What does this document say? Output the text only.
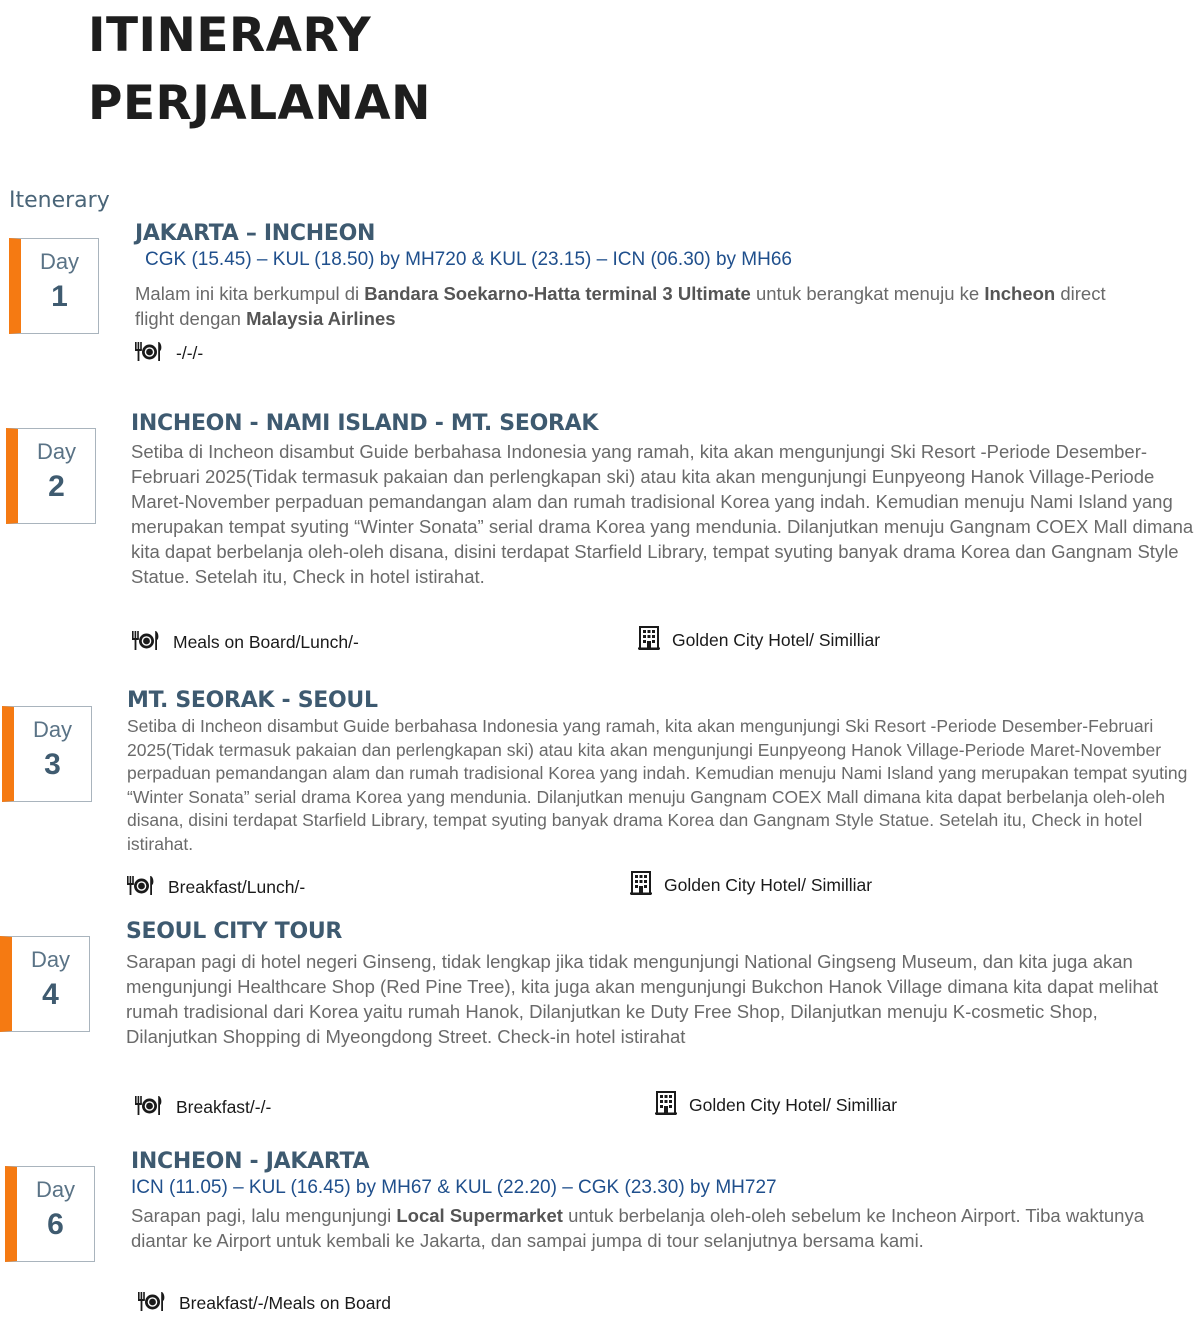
ITINERARY
PERJALANAN
Itenerary
Day
1
JAKARTA – INCHEON
CGK (15.45) – KUL (18.50) by MH720 & KUL (23.15) – ICN (06.30) by MH66

Malam ini kita berkumpul di Bandara Soekarno-Hatta terminal 3 Ultimate untuk berangkat menuju ke Incheon direct flight dengan Malaysia Airlines

-/-/-
Day
2
INCHEON - NAMI ISLAND - MT. SEORAK

Setiba di Incheon disambut Guide berbahasa Indonesia yang ramah, kita akan mengunjungi Ski Resort -Periode Desember-Februari 2025(Tidak termasuk pakaian dan perlengkapan ski) atau kita akan mengunjungi Eunpyeong Hanok Village-Periode Maret-November perpaduan pemandangan alam dan rumah tradisional Korea yang indah. Kemudian menuju Nami Island yang merupakan tempat syuting “Winter Sonata” serial drama Korea yang mendunia. Dilanjutkan menuju Gangnam COEX Mall dimana kita dapat berbelanja oleh-oleh disana, disini terdapat Starfield Library, tempat syuting banyak drama Korea dan Gangnam Style Statue. Setelah itu, Check in hotel istirahat.

Meals on Board/Lunch/-	Golden City Hotel/ Similliar
Day
3
MT. SEORAK - SEOUL

Setiba di Incheon disambut Guide berbahasa Indonesia yang ramah, kita akan mengunjungi Ski Resort -Periode Desember-Februari 2025(Tidak termasuk pakaian dan perlengkapan ski) atau kita akan mengunjungi Eunpyeong Hanok Village-Periode Maret-November perpaduan pemandangan alam dan rumah tradisional Korea yang indah. Kemudian menuju Nami Island yang merupakan tempat syuting “Winter Sonata” serial drama Korea yang mendunia. Dilanjutkan menuju Gangnam COEX Mall dimana kita dapat berbelanja oleh-oleh disana, disini terdapat Starfield Library, tempat syuting banyak drama Korea dan Gangnam Style Statue. Setelah itu, Check in hotel istirahat.

Breakfast/Lunch/-	Golden City Hotel/ Similliar
Day
4
SEOUL CITY TOUR

Sarapan pagi di hotel negeri Ginseng, tidak lengkap jika tidak mengunjungi National Gingseng Museum, dan kita juga akan mengunjungi Healthcare Shop (Red Pine Tree), kita juga akan mengunjungi Bukchon Hanok Village dimana kita dapat melihat rumah tradisional dari Korea yaitu rumah Hanok, Dilanjutkan ke Duty Free Shop, Dilanjutkan menuju K-cosmetic Shop, Dilanjutkan Shopping di Myeongdong Street. Check-in hotel istirahat

Breakfast/-/-	Golden City Hotel/ Similliar
Day
6
INCHEON - JAKARTA
ICN (11.05) – KUL (16.45) by MH67 & KUL (22.20) – CGK (23.30) by MH727

Sarapan pagi, lalu mengunjungi Local Supermarket untuk berbelanja oleh-oleh sebelum ke Incheon Airport. Tiba waktunya diantar ke Airport untuk kembali ke Jakarta, dan sampai jumpa di tour selanjutnya bersama kami.

Breakfast/-/Meals on Board
